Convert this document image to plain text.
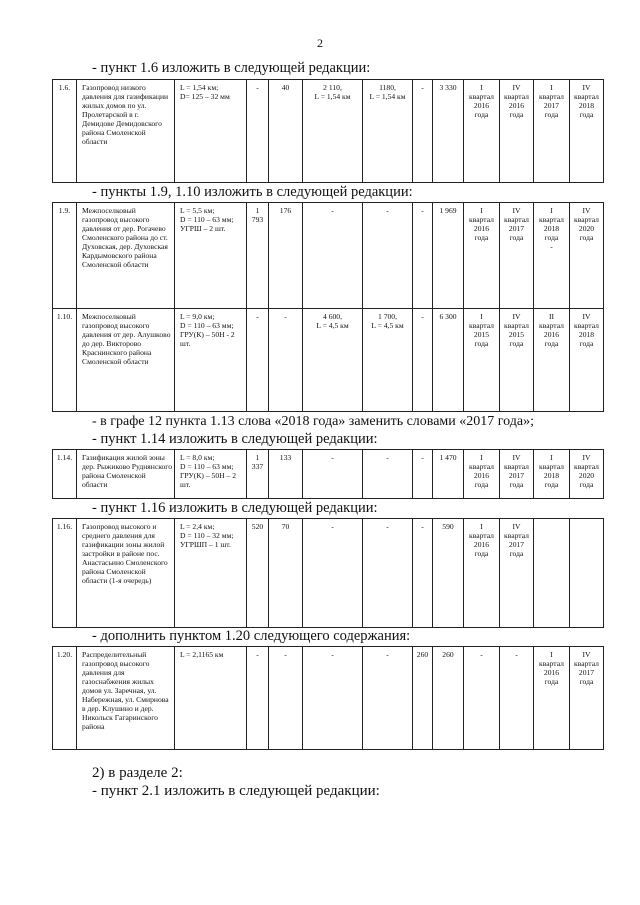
2
- пункт 1.6 изложить в следующей редакции:
1.6.	Газопровод низкого давления для газификации жилых домов по ул. Пролетарской в г. Демидове Демидовского района Смоленской области	L = 1,54 км;
D= 125 – 32 мм	-	40	2 110,
L = 1,54 км	1180,
L = 1,54 км	-	3 330	I
квартал
2016
года	IV
квартал
2016
года	I
квартал
2017
года	IV
квартал
2018
года
- пункты 1.9, 1.10 изложить в следующей редакции:
1.9.	Межпоселковый газопровод высокого давления от дер. Рогачево Смоленского района до ст. Духовская, дер. Духовская Кардымовского района Смоленской области	L = 5,5 км;
D = 110 – 63 мм;
УГРШ – 2 шт.	1 793	176	-	-	-	1 969	I
квартал
2016
года	IV
квартал
2017
года	I
квартал
2018
года
-	IV
квартал
2020
года
1.10.	Межпоселковый газопровод высокого давления от дер. Алушково до дер. Викторово Краснинского района Смоленской области	L = 9,0 км;
D = 110 – 63 мм;
ГРУ(К) – 50Н - 2 шт.	-	-	4 600,
L = 4,5 км	1 700,
L = 4,5 км	-	6 300	I
квартал
2015
года	IV
квартал
2015
года	II
квартал
2016
года	IV
квартал
2018
года
- в графе 12 пункта 1.13 слова «2018 года» заменить словами «2017 года»;
- пункт 1.14 изложить в следующей редакции:
1.14.	Газификация жилой зоны дер. Рыжиково Руднянского района Смоленской области	L = 8,0 км;
D = 110 – 63 мм;
ГРУ(К) – 50Н – 2 шт.	1 337	133	-	-	-	1 470	I
квартал
2016
года	IV
квартал
2017
года	I
квартал
2018
года	IV
квартал
2020
года
- пункт 1.16 изложить в следующей редакции:
1.16.	Газопровод высокого и среднего давления для газификации зоны жилой застройки в районе пос. Анастасьино Смоленского района Смоленской области (1-я очередь)	L = 2,4 км;
D = 110 – 32 мм;
УГРШП – 1 шт.	520	70	-	-	-	590	I
квартал
2016
года	IV
квартал
2017
года		
- дополнить пунктом 1.20 следующего содержания:
1.20.	Распределительный газопровод высокого давления для газоснабжения жилых домов ул. Заречная, ул. Набережная, ул. Смирнова в дер. Клушино и дер. Никольск Гагаринского района	L = 2,1165 км	-	-	-	-	260	260	-	-	I
квартал
2016
года	IV
квартал
2017
года
2) в разделе 2:
- пункт 2.1 изложить в следующей редакции:
